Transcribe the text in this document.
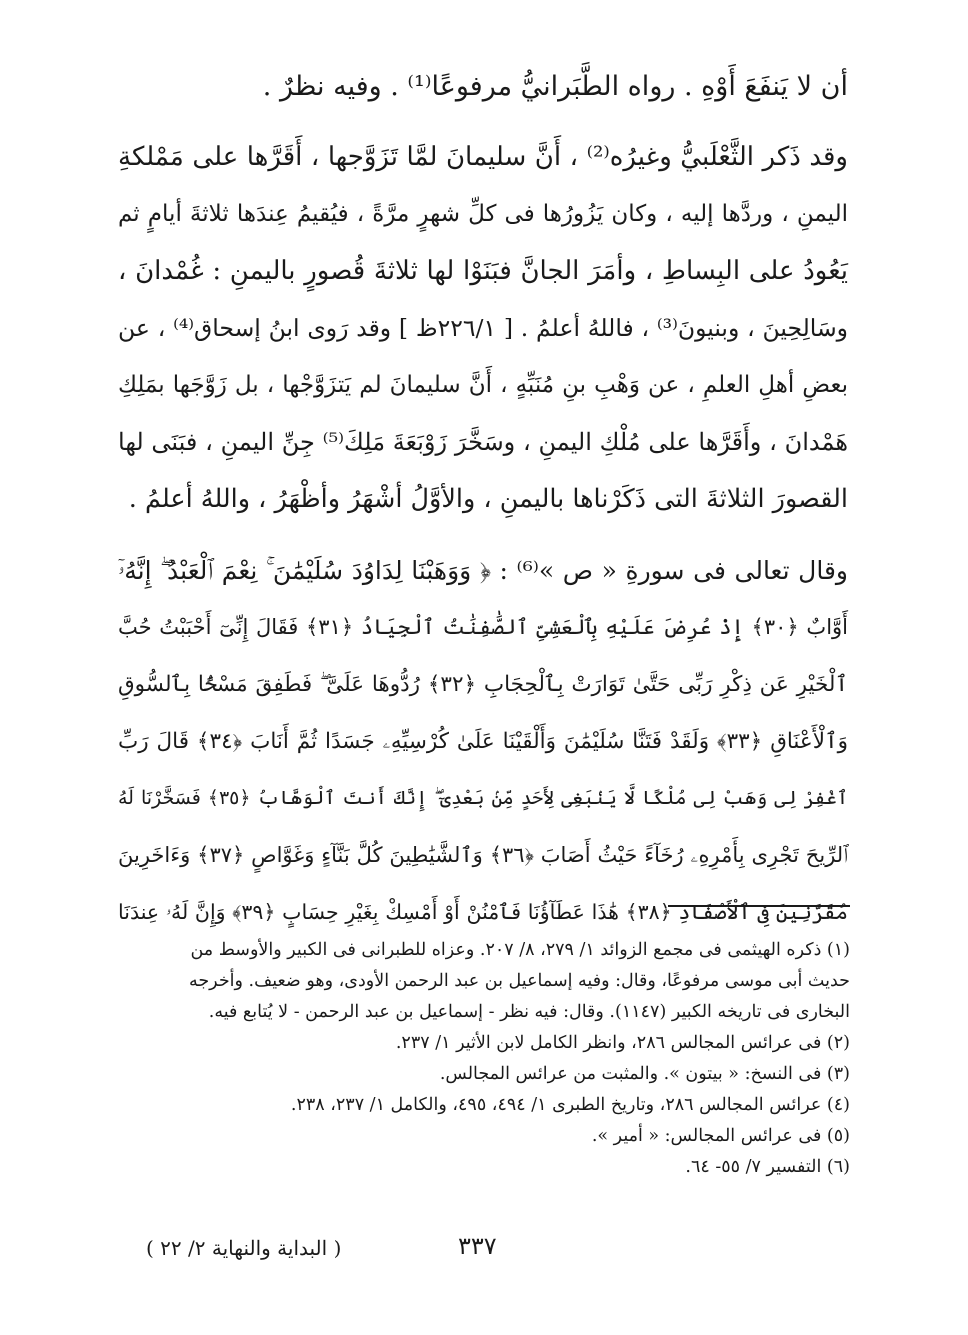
أن لا يَنفَعَ أَوْهِ . رواه الطَّبَرانيُّ مرفوعًا⁽¹⁾ . وفيه نظرٌ .
وقد ذَكر الثَّعْلَبيُّ وغيرُه⁽²⁾ ، أَنَّ سليمانَ لمَّا تَزَوَّجها ، أَقَرَّها على مَمْلكةِ
اليمنِ ، وردَّها إليه ، وكان يَزُورُها فى كلِّ شهرٍ مرَّةً ، فيُقيمُ عِندَها ثلاثةَ أيامٍ ثم
يَعُودُ على البِساطِ ، وأمَرَ الجانَّ فبَنَوْا لها ثلاثةَ قُصورٍ باليمنِ : غُمْدانَ ،
وسَالِحِينَ ، وبنيونَ⁽³⁾ ، فاللهُ أعلمُ . [ ٢٢٦/١ظ ] وقد رَوى ابنُ إسحاق⁽⁴⁾ ، عن
بعضِ أهلِ العلمِ ، عن وَهْبِ بنِ مُنَبِّهٍ ، أَنَّ سليمانَ لم يَتزَوَّجْها ، بل زَوَّجَها بمَلِكِ
هَمْدانَ ، وأَقَرَّها على مُلْكِ اليمنِ ، وسَخَّرَ زَوْبَعَةَ مَلِكَ⁽⁵⁾ جِنِّ اليمنِ ، فبَنَى لها
القصورَ الثلاثةَ التى ذَكَرْناها باليمنِ ، والأوَّلُ أشْهَرُ وأظْهَرُ ، واللهُ أعلمُ .
وقال تعالى فى سورةِ « ص »⁽⁶⁾ : ﴿ وَوَهَبْنَا لِدَاوُدَ سُلَيْمَٰنَ ۚ نِعْمَ ٱلْعَبْدُ ۖ إِنَّهُۥٓ
أَوَّابٌ ﴿٣٠﴾ إِذْ عُرِضَ عَلَيْهِ بِٱلْعَشِىِّ ٱلصَّٰفِنَٰتُ ٱلْجِيَادُ ﴿٣١﴾ فَقَالَ إِنِّىٓ أَحْبَبْتُ حُبَّ
ٱلْخَيْرِ عَن ذِكْرِ رَبِّى حَتَّىٰ تَوَارَتْ بِٱلْحِجَابِ ﴿٣٢﴾ رُدُّوهَا عَلَىَّ ۖ فَطَفِقَ مَسْحًۢا بِٱلسُّوقِ
وَٱلْأَعْنَاقِ ﴿٣٣﴾ وَلَقَدْ فَتَنَّا سُلَيْمَٰنَ وَأَلْقَيْنَا عَلَىٰ كُرْسِيِّهِۦ جَسَدًا ثُمَّ أَنَابَ ﴿٣٤﴾ قَالَ رَبِّ
ٱغْفِرْ لِى وَهَبْ لِى مُلْكًا لَّا يَنۢبَغِى لِأَحَدٍ مِّنۢ بَعْدِىٓ ۖ إِنَّكَ أَنتَ ٱلْوَهَّابُ ﴿٣٥﴾ فَسَخَّرْنَا لَهُ
ٱلرِّيحَ تَجْرِى بِأَمْرِهِۦ رُخَآءً حَيْثُ أَصَابَ ﴿٣٦﴾ وَٱلشَّيَٰطِينَ كُلَّ بَنَّآءٍ وَغَوَّاصٍ ﴿٣٧﴾ وَءَاخَرِينَ
مُقَرَّنِينَ فِى ٱلْأَصْفَادِ ﴿٣٨﴾ هَٰذَا عَطَآؤُنَا فَٱمْنُنْ أَوْ أَمْسِكْ بِغَيْرِ حِسَابٍ ﴿٣٩﴾ وَإِنَّ لَهُۥ عِندَنَا
(١) ذكره الهيثمى فى مجمع الزوائد ١/ ٢٧٩، ٨/ ٢٠٧. وعزاه للطبرانى فى الكبير والأوسط من
حديث أبى موسى مرفوعًا، وقال: وفيه إسماعيل بن عبد الرحمن الأودى، وهو ضعيف. وأخرجه
البخارى فى تاريخه الكبير (١١٤٧). وقال: فيه نظر - إسماعيل بن عبد الرحمن - لا يُتابع فيه.
(٢) فى عرائس المجالس ٢٨٦، وانظر الكامل لابن الأثير ١/ ٢٣٧.
(٣) فى النسخ: « بيتون ». والمثبت من عرائس المجالس.
(٤) عرائس المجالس ٢٨٦، وتاريخ الطبرى ١/ ٤٩٤، ٤٩٥، والكامل ١/ ٢٣٧، ٢٣٨.
(٥) فى عرائس المجالس: « أمير ».
(٦) التفسير ٧/ ٥٥- ٦٤.
٣٣٧
( البداية والنهاية ٢/ ٢٢ )
